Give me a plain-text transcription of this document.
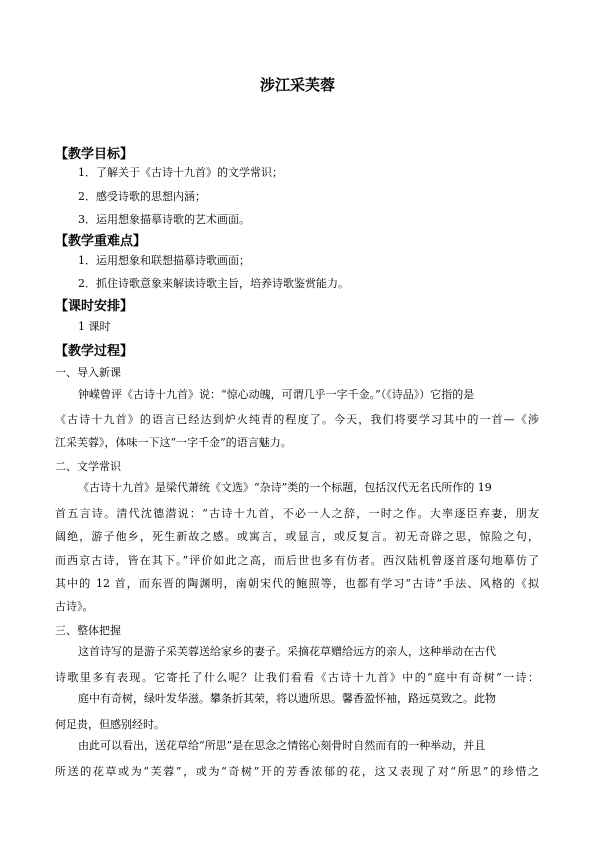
涉江采芙蓉
【教学目标】
1．了解关于《古诗十九首》的文学常识；
2．感受诗歌的思想内涵；
3．运用想象描摹诗歌的艺术画面。
【教学重难点】
1．运用想象和联想描摹诗歌画面；
2．抓住诗歌意象来解读诗歌主旨，培养诗歌鉴赏能力。
【课时安排】
1 课时
【教学过程】
一、导入新课
钟嵘曾评《古诗十九首》说：“惊心动魄，可谓几乎一字千金。”（《诗品》）它指的是
《古诗十九首》的语言已经达到炉火纯青的程度了。今天，我们将要学习其中的一首—《涉
江采芙蓉》，体味一下这“一字千金”的语言魅力。
二、文学常识
《古诗十九首》是梁代萧统《文选》“杂诗”类的一个标题，包括汉代无名氏所作的 19
首五言诗。清代沈德潜说：“古诗十九首，不必一人之辞，一时之作。大率逐臣弃妻，朋友
阔绝，游子他乡，死生新故之感。或寓言，或显言，或反复言。初无奇辟之思，惊险之句，
而西京古诗，皆在其下。”评价如此之高，而后世也多有仿者。西汉陆机曾逐首逐句地摹仿了
其中的 12 首，而东晋的陶渊明，南朝宋代的鲍照等，也都有学习“古诗”手法、风格的《拟
古诗》。
三、整体把握
这首诗写的是游子采芙蓉送给家乡的妻子。采摘花草赠给远方的亲人，这种举动在古代
诗歌里多有表现。它寄托了什么呢？让我们看看《古诗十九首》中的“庭中有奇树”一诗：
庭中有奇树，绿叶发华滋。攀条折其荣，将以遗所思。馨香盈怀袖，路远莫致之。此物
何足贵，但感别经时。
由此可以看出，送花草给“所思”是在思念之情铭心刻骨时自然而有的一种举动，并且
所送的花草或为“芙蓉”，或为“奇树”开的芳香浓郁的花，这又表现了对“所思”的珍惜之
